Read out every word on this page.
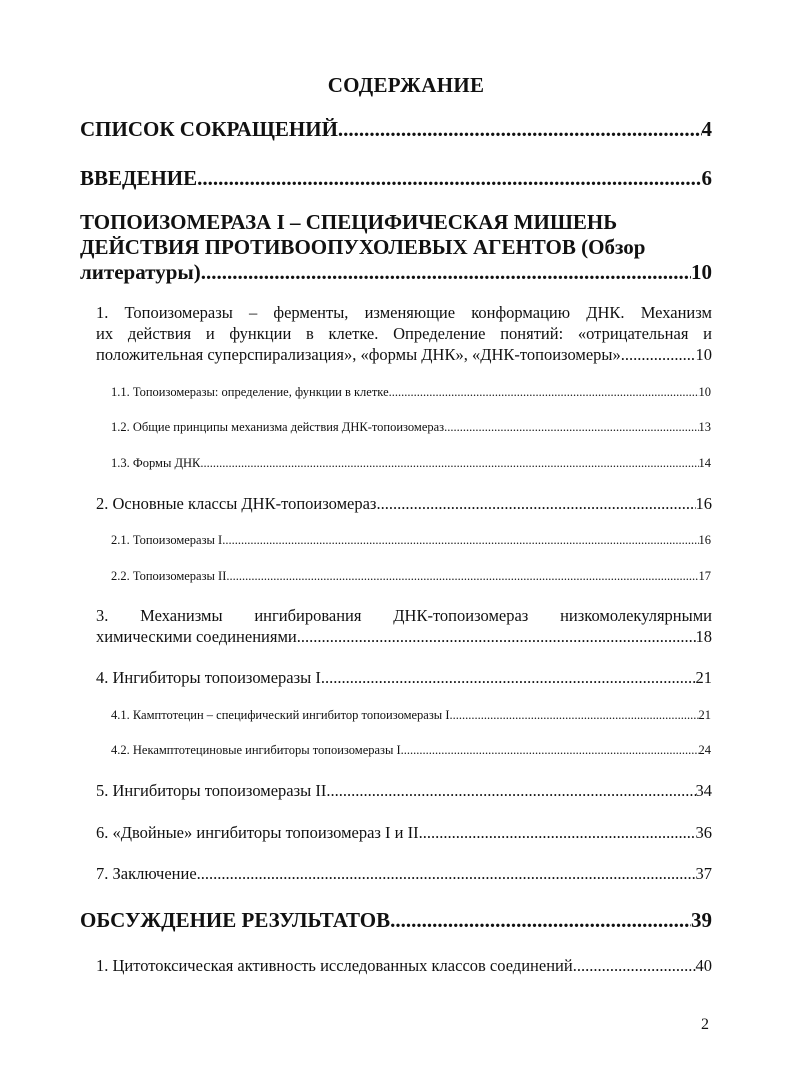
СОДЕРЖАНИЕ
СПИСОК СОКРАЩЕНИЙ .....	4
ВВЕДЕНИЕ .....	6
ТОПОИЗОМЕРАЗА I – СПЕЦИФИЧЕСКАЯ МИШЕНЬ
ДЕЙСТВИЯ ПРОТИВООПУХОЛЕВЫХ АГЕНТОВ (Обзор
литературы) .....	10
1. Топоизомеразы – ферменты, изменяющие конформацию ДНК. Механизм
их действия и функции в клетке. Определение понятий: «отрицательная и
положительная суперспирализация», «формы ДНК», «ДНК-топоизомеры» .....	10
1.1. Топоизомеразы: определение, функции в клетке. .....	10
1.2. Общие принципы механизма действия ДНК-топоизомераз. .....	13
1.3. Формы ДНК. .....	14
2. Основные классы ДНК-топоизомераз. .....	16
2.1. Топоизомеразы I. .....	16
2.2. Топоизомеразы II. .....	17
3. Механизмы ингибирования ДНК-топоизомераз низкомолекулярными
химическими соединениями. .....	18
4. Ингибиторы топоизомеразы I. .....	21
4.1. Камптотецин – специфический ингибитор топоизомеразы I. .....	21
4.2. Некамптотециновые ингибиторы топоизомеразы I. .....	24
5. Ингибиторы топоизомеразы II. .....	34
6. «Двойные» ингибиторы топоизомераз I и II. .....	36
7. Заключение. .....	37
ОБСУЖДЕНИЕ РЕЗУЛЬТАТОВ .....	39
1. Цитотоксическая активность исследованных классов соединений .....	40
2
